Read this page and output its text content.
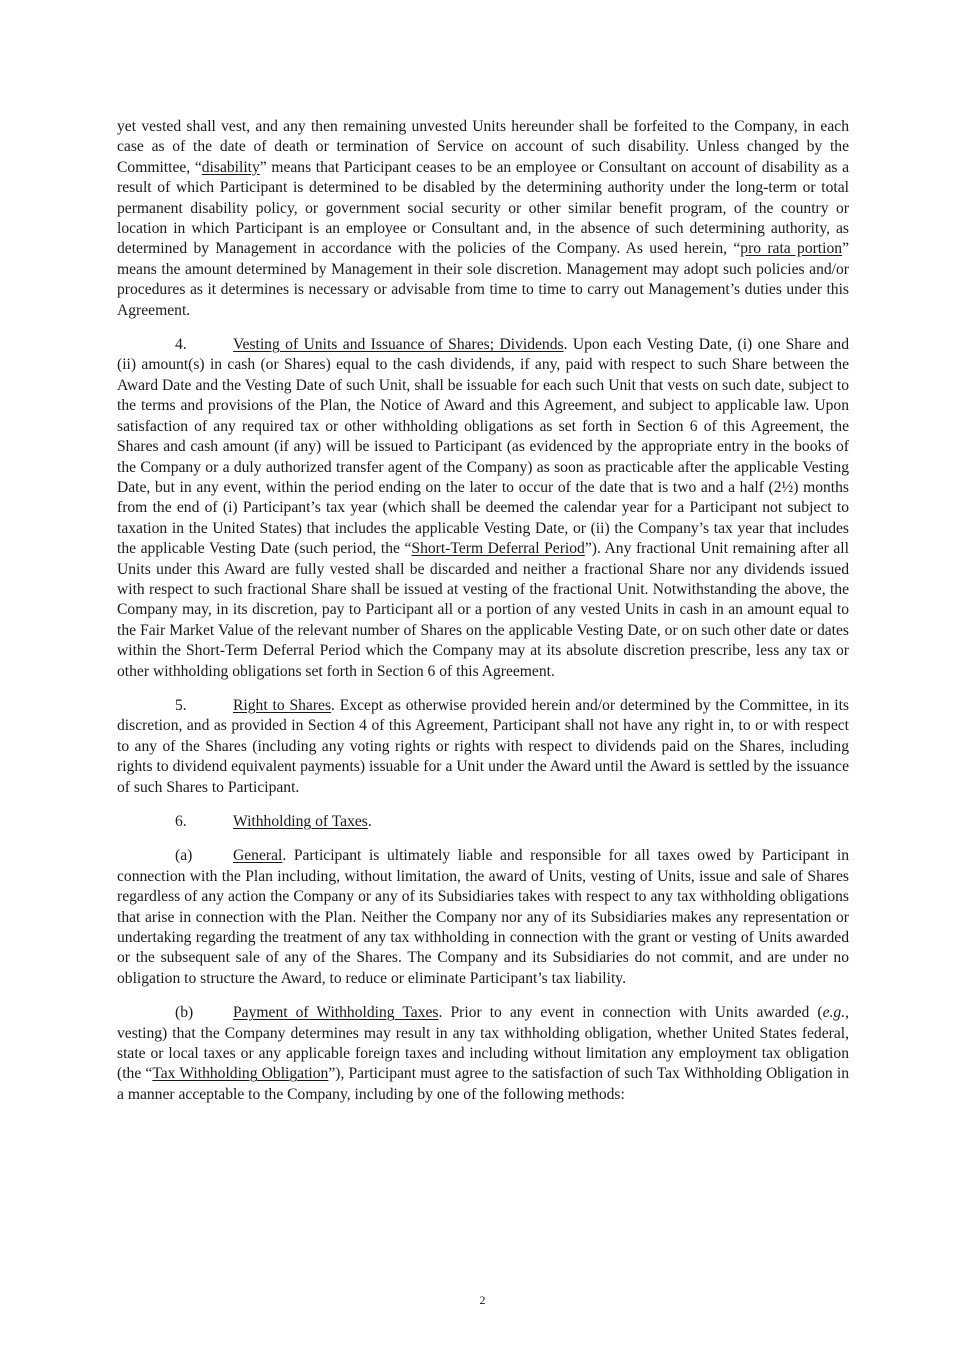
yet vested shall vest, and any then remaining unvested Units hereunder shall be forfeited to the Company, in each case as of the date of death or termination of Service on account of such disability. Unless changed by the Committee, “disability” means that Participant ceases to be an employee or Consultant on account of disability as a result of which Participant is determined to be disabled by the determining authority under the long-term or total permanent disability policy, or government social security or other similar benefit program, of the country or location in which Participant is an employee or Consultant and, in the absence of such determining authority, as determined by Management in accordance with the policies of the Company. As used herein, “pro rata portion” means the amount determined by Management in their sole discretion. Management may adopt such policies and/or procedures as it determines is necessary or advisable from time to time to carry out Management’s duties under this Agreement.

4.	Vesting of Units and Issuance of Shares; Dividends. Upon each Vesting Date, (i) one Share and (ii) amount(s) in cash (or Shares) equal to the cash dividends, if any, paid with respect to such Share between the Award Date and the Vesting Date of such Unit, shall be issuable for each such Unit that vests on such date, subject to the terms and provisions of the Plan, the Notice of Award and this Agreement, and subject to applicable law. Upon satisfaction of any required tax or other withholding obligations as set forth in Section 6 of this Agreement, the Shares and cash amount (if any) will be issued to Participant (as evidenced by the appropriate entry in the books of the Company or a duly authorized transfer agent of the Company) as soon as practicable after the applicable Vesting Date, but in any event, within the period ending on the later to occur of the date that is two and a half (2½) months from the end of (i) Participant’s tax year (which shall be deemed the calendar year for a Participant not subject to taxation in the United States) that includes the applicable Vesting Date, or (ii) the Company’s tax year that includes the applicable Vesting Date (such period, the “Short-Term Deferral Period”). Any fractional Unit remaining after all Units under this Award are fully vested shall be discarded and neither a fractional Share nor any dividends issued with respect to such fractional Share shall be issued at vesting of the fractional Unit. Notwithstanding the above, the Company may, in its discretion, pay to Participant all or a portion of any vested Units in cash in an amount equal to the Fair Market Value of the relevant number of Shares on the applicable Vesting Date, or on such other date or dates within the Short-Term Deferral Period which the Company may at its absolute discretion prescribe, less any tax or other withholding obligations set forth in Section 6 of this Agreement.

5.	Right to Shares. Except as otherwise provided herein and/or determined by the Committee, in its discretion, and as provided in Section 4 of this Agreement, Participant shall not have any right in, to or with respect to any of the Shares (including any voting rights or rights with respect to dividends paid on the Shares, including rights to dividend equivalent payments) issuable for a Unit under the Award until the Award is settled by the issuance of such Shares to Participant.

6.	Withholding of Taxes.

(a)	General. Participant is ultimately liable and responsible for all taxes owed by Participant in connection with the Plan including, without limitation, the award of Units, vesting of Units, issue and sale of Shares regardless of any action the Company or any of its Subsidiaries takes with respect to any tax withholding obligations that arise in connection with the Plan. Neither the Company nor any of its Subsidiaries makes any representation or undertaking regarding the treatment of any tax withholding in connection with the grant or vesting of Units awarded or the subsequent sale of any of the Shares. The Company and its Subsidiaries do not commit, and are under no obligation to structure the Award, to reduce or eliminate Participant’s tax liability.

(b)	Payment of Withholding Taxes. Prior to any event in connection with Units awarded (e.g., vesting) that the Company determines may result in any tax withholding obligation, whether United States federal, state or local taxes or any applicable foreign taxes and including without limitation any employment tax obligation (the “Tax Withholding Obligation”), Participant must agree to the satisfaction of such Tax Withholding Obligation in a manner acceptable to the Company, including by one of the following methods:

2
